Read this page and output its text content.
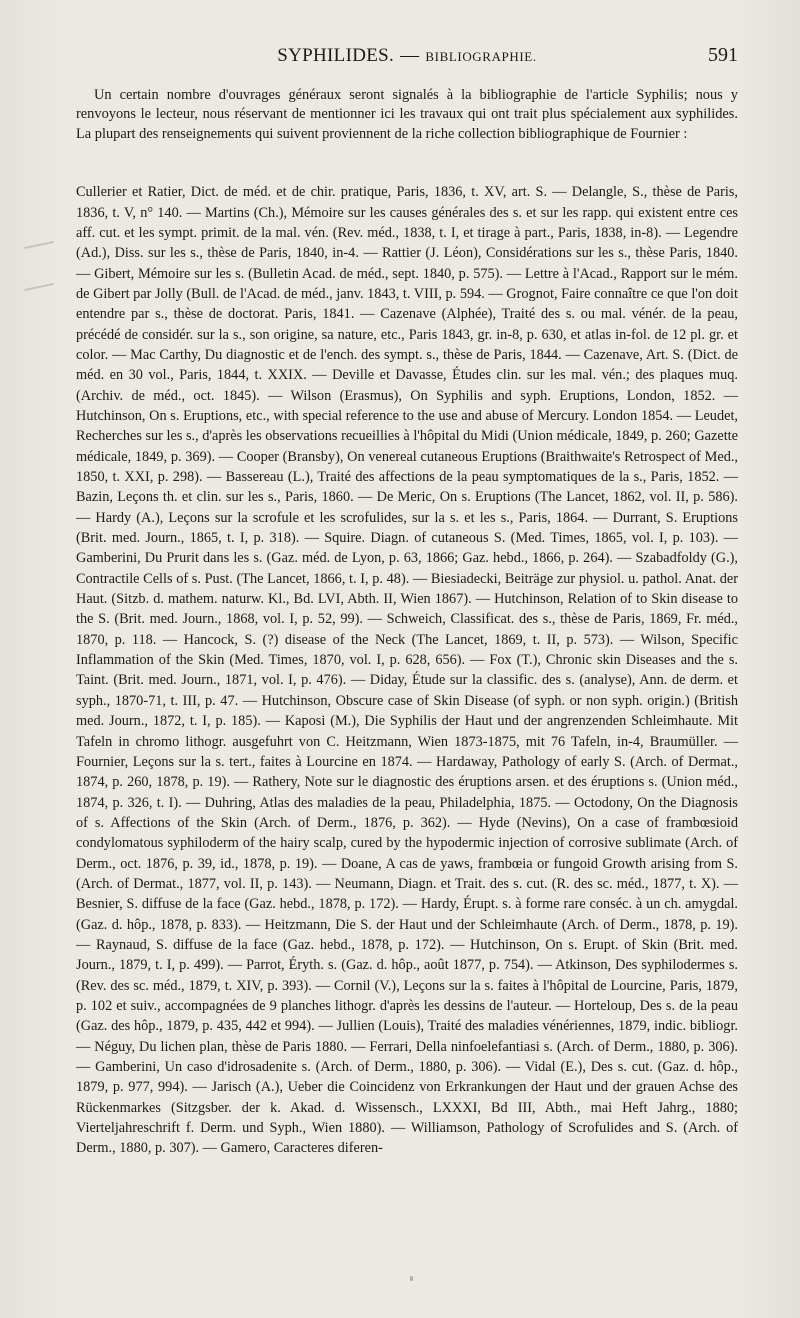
SYPHILIDES. — BIBLIOGRAPHIE.	591

Un certain nombre d'ouvrages généraux seront signalés à la bibliographie de l'article Syphilis; nous y renvoyons le lecteur, nous réservant de mentionner ici les travaux qui ont trait plus spécialement aux syphilides. La plupart des renseignements qui suivent proviennent de la riche collection bibliographique de Fournier :

Cullerier et Ratier, Dict. de méd. et de chir. pratique, Paris, 1836, t. XV, art. S. — Delangle, S., thèse de Paris, 1836, t. V, n° 140. — Martins (Ch.), Mémoire sur les causes générales des s. et sur les rapp. qui existent entre ces aff. cut. et les sympt. primit. de la mal. vén. (Rev. méd., 1838, t. I, et tirage à part., Paris, 1838, in-8). — Legendre (Ad.), Diss. sur les s., thèse de Paris, 1840, in-4. — Rattier (J. Léon), Considérations sur les s., thèse Paris, 1840. — Gibert, Mémoire sur les s. (Bulletin Acad. de méd., sept. 1840, p. 575). — Lettre à l'Acad., Rapport sur le mém. de Gibert par Jolly (Bull. de l'Acad. de méd., janv. 1843, t. VIII, p. 594. — Grognot, Faire connaître ce que l'on doit entendre par s., thèse de doctorat. Paris, 1841. — Cazenave (Alphée), Traité des s. ou mal. vénér. de la peau, précédé de considér. sur la s., son origine, sa nature, etc., Paris 1843, gr. in-8, p. 630, et atlas in-fol. de 12 pl. gr. et color. — Mac Carthy, Du diagnostic et de l'ench. des sympt. s., thèse de Paris, 1844. — Cazenave, Art. S. (Dict. de méd. en 30 vol., Paris, 1844, t. XXIX. — Deville et Davasse, Études clin. sur les mal. vén.; des plaques muq. (Archiv. de méd., oct. 1845). — Wilson (Erasmus), On Syphilis and syph. Eruptions, London, 1852. — Hutchinson, On s. Eruptions, etc., with special reference to the use and abuse of Mercury. London 1854. — Leudet, Recherches sur les s., d'après les observations recueillies à l'hôpital du Midi (Union médicale, 1849, p. 260; Gazette médicale, 1849, p. 369). — Cooper (Bransby), On venereal cutaneous Eruptions (Braithwaite's Retrospect of Med., 1850, t. XXI, p. 298). — Bassereau (L.), Traité des affections de la peau symptomatiques de la s., Paris, 1852. — Bazin, Leçons th. et clin. sur les s., Paris, 1860. — De Meric, On s. Eruptions (The Lancet, 1862, vol. II, p. 586). — Hardy (A.), Leçons sur la scrofule et les scrofulides, sur la s. et les s., Paris, 1864. — Durrant, S. Eruptions (Brit. med. Journ., 1865, t. I, p. 318). — Squire. Diagn. of cutaneous S. (Med. Times, 1865, vol. I, p. 103). — Gamberini, Du Prurit dans les s. (Gaz. méd. de Lyon, p. 63, 1866; Gaz. hebd., 1866, p. 264). — Szabadfoldy (G.), Contractile Cells of s. Pust. (The Lancet, 1866, t. I, p. 48). — Biesiadecki, Beiträge zur physiol. u. pathol. Anat. der Haut. (Sitzb. d. mathem. naturw. Kl., Bd. LVI, Abth. II, Wien 1867). — Hutchinson, Relation of to Skin disease to the S. (Brit. med. Journ., 1868, vol. I, p. 52, 99). — Schweich, Classificat. des s., thèse de Paris, 1869, Fr. méd., 1870, p. 118. — Hancock, S. (?) disease of the Neck (The Lancet, 1869, t. II, p. 573). — Wilson, Specific Inflammation of the Skin (Med. Times, 1870, vol. I, p. 628, 656). — Fox (T.), Chronic skin Diseases and the s. Taint. (Brit. med. Journ., 1871, vol. I, p. 476). — Diday, Étude sur la classific. des s. (analyse), Ann. de derm. et syph., 1870-71, t. III, p. 47. — Hutchinson, Obscure case of Skin Disease (of syph. or non syph. origin.) (British med. Journ., 1872, t. I, p. 185). — Kaposi (M.), Die Syphilis der Haut und der angrenzenden Schleimhaute. Mit Tafeln in chromo lithogr. ausgefuhrt von C. Heitzmann, Wien 1873-1875, mit 76 Tafeln, in-4, Braumüller. — Fournier, Leçons sur la s. tert., faites à Lourcine en 1874. — Hardaway, Pathology of early S. (Arch. of Dermat., 1874, p. 260, 1878, p. 19). — Rathery, Note sur le diagnostic des éruptions arsen. et des éruptions s. (Union méd., 1874, p. 326, t. I). — Duhring, Atlas des maladies de la peau, Philadelphia, 1875. — Octodony, On the Diagnosis of s. Affections of the Skin (Arch. of Derm., 1876, p. 362). — Hyde (Nevins), On a case of frambœsioid condylomatous syphiloderm of the hairy scalp, cured by the hypodermic injection of corrosive sublimate (Arch. of Derm., oct. 1876, p. 39, id., 1878, p. 19). — Doane, A cas de yaws, frambœia or fungoid Growth arising from S. (Arch. of Dermat., 1877, vol. II, p. 143). — Neumann, Diagn. et Trait. des s. cut. (R. des sc. méd., 1877, t. X). — Besnier, S. diffuse de la face (Gaz. hebd., 1878, p. 172). — Hardy, Érupt. s. à forme rare conséc. à un ch. amygdal. (Gaz. d. hôp., 1878, p. 833). — Heitzmann, Die S. der Haut und der Schleimhaute (Arch. of Derm., 1878, p. 19). — Raynaud, S. diffuse de la face (Gaz. hebd., 1878, p. 172). — Hutchinson, On s. Erupt. of Skin (Brit. med. Journ., 1879, t. I, p. 499). — Parrot, Éryth. s. (Gaz. d. hôp., août 1877, p. 754). — Atkinson, Des syphilodermes s. (Rev. des sc. méd., 1879, t. XIV, p. 393). — Cornil (V.), Leçons sur la s. faites à l'hôpital de Lourcine, Paris, 1879, p. 102 et suiv., accompagnées de 9 planches lithogr. d'après les dessins de l'auteur. — Horteloup, Des s. de la peau (Gaz. des hôp., 1879, p. 435, 442 et 994). — Jullien (Louis), Traité des maladies vénériennes, 1879, indic. bibliogr. — Néguy, Du lichen plan, thèse de Paris 1880. — Ferrari, Della ninfoelefantiasi s. (Arch. of Derm., 1880, p. 306). — Gamberini, Un caso d'idrosadenite s. (Arch. of Derm., 1880, p. 306). — Vidal (E.), Des s. cut. (Gaz. d. hôp., 1879, p. 977, 994). — Jarisch (A.), Ueber die Coincidenz von Erkrankungen der Haut und der grauen Achse des Rückenmarkes (Sitzgsber. der k. Akad. d. Wissensch., LXXXI, Bd III, Abth., mai Heft Jahrg., 1880; Vierteljahreschrift f. Derm. und Syph., Wien 1880). — Williamson, Pathology of Scrofulides and S. (Arch. of Derm., 1880, p. 307). — Gamero, Caracteres diferen-
